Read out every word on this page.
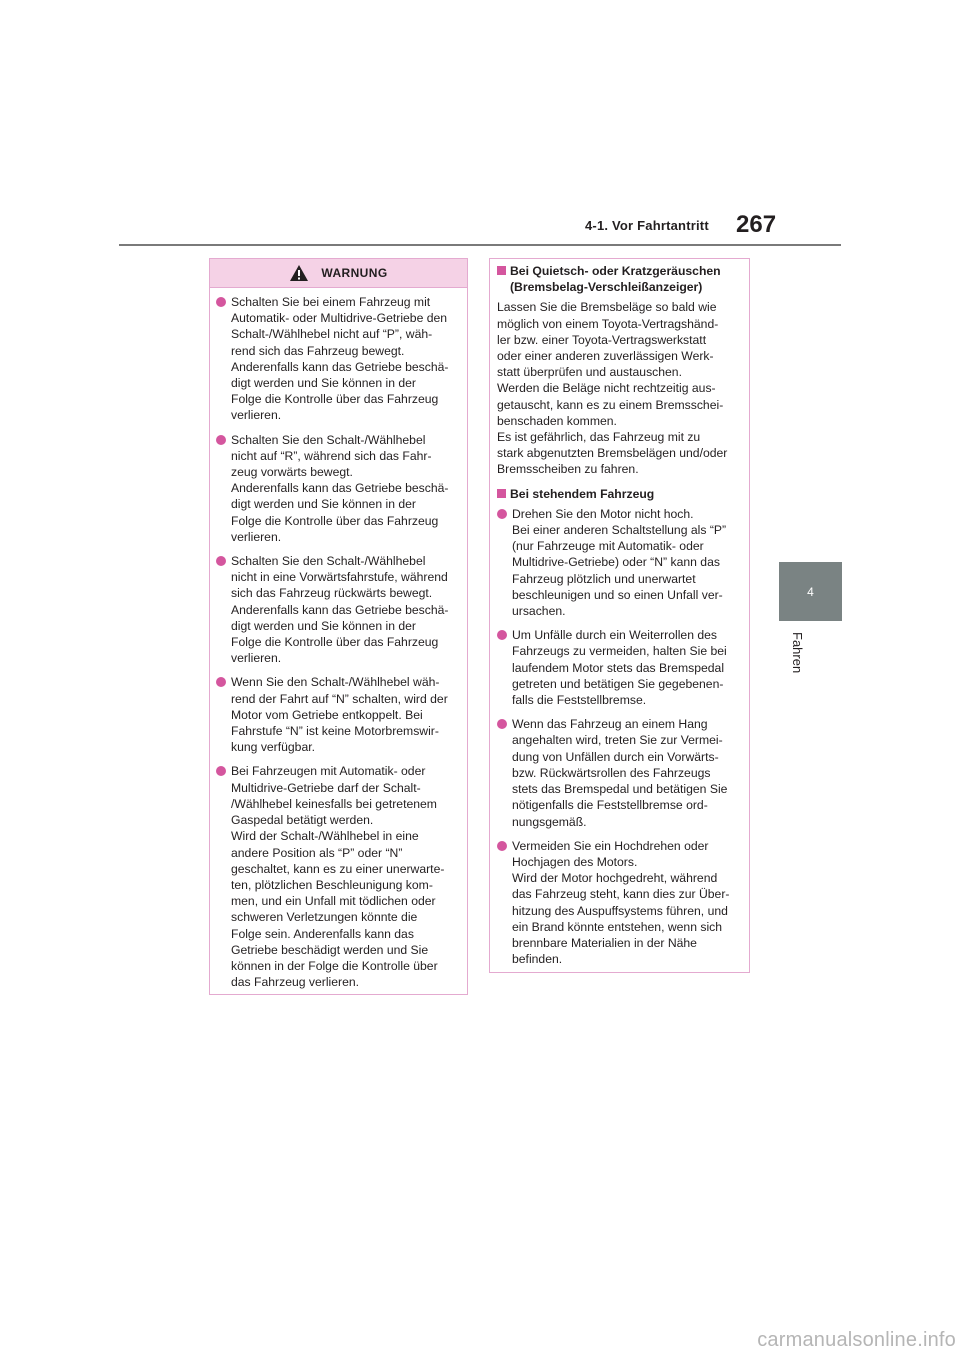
4-1. Vor Fahrtantritt 267
4
Fahren
WARNUNG
Schalten Sie bei einem Fahrzeug mit
Automatik- oder Multidrive-Getriebe den
Schalt-/Wählhebel nicht auf “P”, wäh-
rend sich das Fahrzeug bewegt.
Anderenfalls kann das Getriebe beschä-
digt werden und Sie können in der
Folge die Kontrolle über das Fahrzeug
verlieren.
Schalten Sie den Schalt-/Wählhebel
nicht auf “R”, während sich das Fahr-
zeug vorwärts bewegt.
Anderenfalls kann das Getriebe beschä-
digt werden und Sie können in der
Folge die Kontrolle über das Fahrzeug
verlieren.
Schalten Sie den Schalt-/Wählhebel
nicht in eine Vorwärtsfahrstufe, während
sich das Fahrzeug rückwärts bewegt.
Anderenfalls kann das Getriebe beschä-
digt werden und Sie können in der
Folge die Kontrolle über das Fahrzeug
verlieren.
Wenn Sie den Schalt-/Wählhebel wäh-
rend der Fahrt auf “N” schalten, wird der
Motor vom Getriebe entkoppelt. Bei
Fahrstufe “N” ist keine Motorbremswir-
kung verfügbar.
Bei Fahrzeugen mit Automatik- oder
Multidrive-Getriebe darf der Schalt-
/Wählhebel keinesfalls bei getretenem
Gaspedal betätigt werden.
Wird der Schalt-/Wählhebel in eine
andere Position als “P” oder “N”
geschaltet, kann es zu einer unerwarte-
ten, plötzlichen Beschleunigung kom-
men, und ein Unfall mit tödlichen oder
schweren Verletzungen könnte die
Folge sein. Anderenfalls kann das
Getriebe beschädigt werden und Sie
können in der Folge die Kontrolle über
das Fahrzeug verlieren.
Bei Quietsch- oder Kratzgeräuschen
(Bremsbelag-Verschleißanzeiger)
Lassen Sie die Bremsbeläge so bald wie
möglich von einem Toyota-Vertragshänd-
ler bzw. einer Toyota-Vertragswerkstatt
oder einer anderen zuverlässigen Werk-
statt überprüfen und austauschen.
Werden die Beläge nicht rechtzeitig aus-
getauscht, kann es zu einem Bremsschei-
benschaden kommen.
Es ist gefährlich, das Fahrzeug mit zu
stark abgenutzten Bremsbelägen und/oder
Bremsscheiben zu fahren.
Bei stehendem Fahrzeug
Drehen Sie den Motor nicht hoch.
Bei einer anderen Schaltstellung als “P”
(nur Fahrzeuge mit Automatik- oder
Multidrive-Getriebe) oder “N” kann das
Fahrzeug plötzlich und unerwartet
beschleunigen und so einen Unfall ver-
ursachen.
Um Unfälle durch ein Weiterrollen des
Fahrzeugs zu vermeiden, halten Sie bei
laufendem Motor stets das Bremspedal
getreten und betätigen Sie gegebenen-
falls die Feststellbremse.
Wenn das Fahrzeug an einem Hang
angehalten wird, treten Sie zur Vermei-
dung von Unfällen durch ein Vorwärts-
bzw. Rückwärtsrollen des Fahrzeugs
stets das Bremspedal und betätigen Sie
nötigenfalls die Feststellbremse ord-
nungsgemäß.
Vermeiden Sie ein Hochdrehen oder
Hochjagen des Motors.
Wird der Motor hochgedreht, während
das Fahrzeug steht, kann dies zur Über-
hitzung des Auspuffsystems führen, und
ein Brand könnte entstehen, wenn sich
brennbare Materialien in der Nähe
befinden.
carmanualsonline.info
